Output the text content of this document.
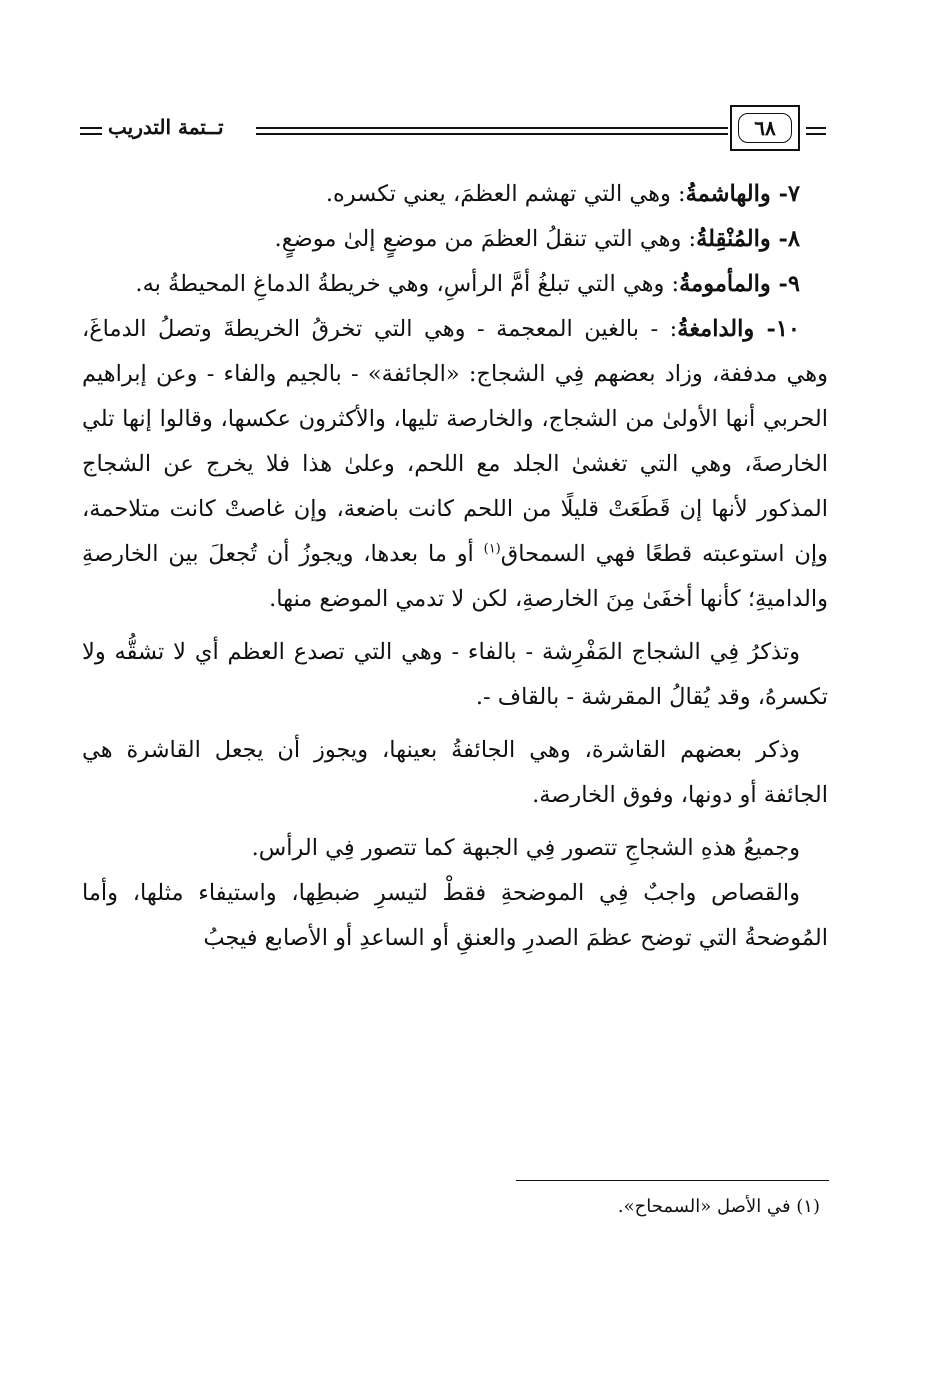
تــتمة التدريب	٦٨

٧- والهاشمةُ: وهي التي تهشم العظمَ، يعني تكسره.

٨- والمُنْقِلةُ: وهي التي تنقلُ العظمَ من موضعٍ إلىٰ موضعٍ.

٩- والمأمومةُ: وهي التي تبلغُ أمَّ الرأسِ، وهي خريطةُ الدماغِ المحيطةُ به.

١٠- والدامغةُ: - بالغين المعجمة - وهي التي تخرقُ الخريطةَ وتصلُ الدماغَ، وهي مدففة، وزاد بعضهم فِي الشجاج: «الجائفة» - بالجيم والفاء - وعن إبراهيم الحربي أنها الأولىٰ من الشجاج، والخارصة تليها، والأكثرون عكسها، وقالوا إنها تلي الخارصةَ، وهي التي تغشىٰ الجلد مع اللحم، وعلىٰ هذا فلا يخرج عن الشجاج المذكور لأنها إن قَطَعَتْ قليلًا من اللحم كانت باضعة، وإن غاصتْ كانت متلاحمة، وإن استوعبته قطعًا فهي السمحاق$^{(١)}$ أو ما بعدها، ويجوزُ أن تُجعلَ بين الخارصةِ والداميةِ؛ كأنها أخفَىٰ مِنَ الخارصةِ، لكن لا تدمي الموضع منها.

وتذكرُ فِي الشجاج المَفْرِشة - بالفاء - وهي التي تصدع العظم أي لا تشقُّه ولا تكسرهُ، وقد يُقالُ المقرشة - بالقاف -.

وذكر بعضهم القاشرة، وهي الجائفةُ بعينها، ويجوز أن يجعل القاشرة هي الجائفة أو دونها، وفوق الخارصة.

وجميعُ هذهِ الشجاجِ تتصور فِي الجبهة كما تتصور فِي الرأس.

والقصاص واجبٌ فِي الموضحةِ فقطْ لتيسرِ ضبطِها، واستيفاء مثلها، وأما المُوضحةُ التي توضح عظمَ الصدرِ والعنقِ أو الساعدِ أو الأصابع فيجبُ

(١) في الأصل «السمحاح».
